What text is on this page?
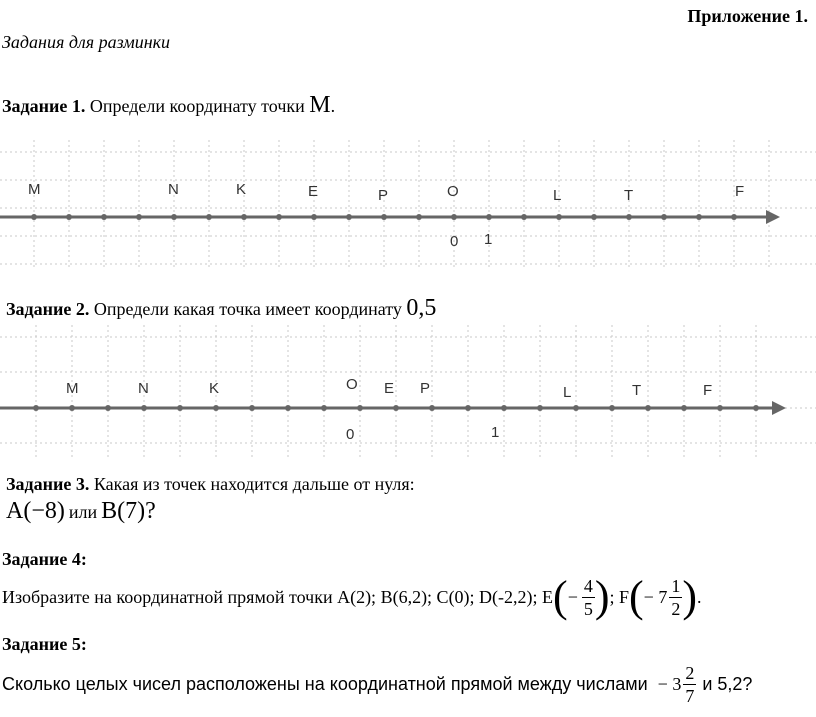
Приложение 1.
Задания для разминки
Задание 1. Определи координату точки M.
M	N	K	E	P	O	L	T	F
0 1
Задание 2. Определи какая точка имеет координату 0,5
M	N	K	O E P	L	T	F
0	1
Задание 3. Какая из точек находится дальше от нуля:
A(−8) или B(7)?
Задание 4:
Изобразите на координатной прямой точки A(2); B(6,2); C(0); D(-2,2); E ( − $\frac{4}{5}$ ) ; F ( − $7 \frac{1}{2}$ ) .
Задание 5:
Сколько целых чисел расположены на координатной прямой между числами − $3 \frac{2}{7}$ и 5,2?
